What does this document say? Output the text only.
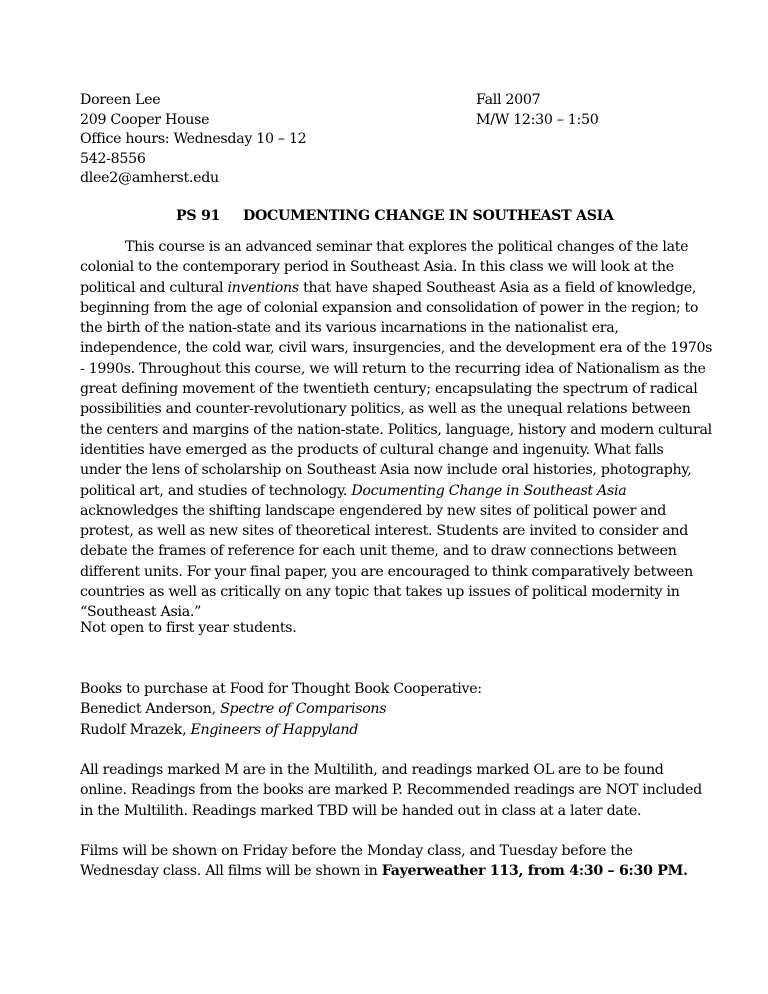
Doreen Lee
209 Cooper House
Office hours: Wednesday 10 – 12
542-8556
dlee2@amherst.edu
Fall 2007
M/W 12:30 – 1:50
PS 91 DOCUMENTING CHANGE IN SOUTHEAST ASIA
This course is an advanced seminar that explores the political changes of the late
colonial to the contemporary period in Southeast Asia. In this class we will look at the
political and cultural inventions that have shaped Southeast Asia as a field of knowledge,
beginning from the age of colonial expansion and consolidation of power in the region; to
the birth of the nation-state and its various incarnations in the nationalist era,
independence, the cold war, civil wars, insurgencies, and the development era of the 1970s
- 1990s. Throughout this course, we will return to the recurring idea of Nationalism as the
great defining movement of the twentieth century; encapsulating the spectrum of radical
possibilities and counter-revolutionary politics, as well as the unequal relations between
the centers and margins of the nation-state. Politics, language, history and modern cultural
identities have emerged as the products of cultural change and ingenuity. What falls
under the lens of scholarship on Southeast Asia now include oral histories, photography,
political art, and studies of technology. Documenting Change in Southeast Asia
acknowledges the shifting landscape engendered by new sites of political power and
protest, as well as new sites of theoretical interest. Students are invited to consider and
debate the frames of reference for each unit theme, and to draw connections between
different units. For your final paper, you are encouraged to think comparatively between
countries as well as critically on any topic that takes up issues of political modernity in
“Southeast Asia.”
Not open to first year students.
Books to purchase at Food for Thought Book Cooperative:
Benedict Anderson, Spectre of Comparisons
Rudolf Mrazek, Engineers of Happyland
All readings marked M are in the Multilith, and readings marked OL are to be found
online. Readings from the books are marked P. Recommended readings are NOT included
in the Multilith. Readings marked TBD will be handed out in class at a later date.
Films will be shown on Friday before the Monday class, and Tuesday before the
Wednesday class. All films will be shown in Fayerweather 113, from 4:30 – 6:30 PM.
